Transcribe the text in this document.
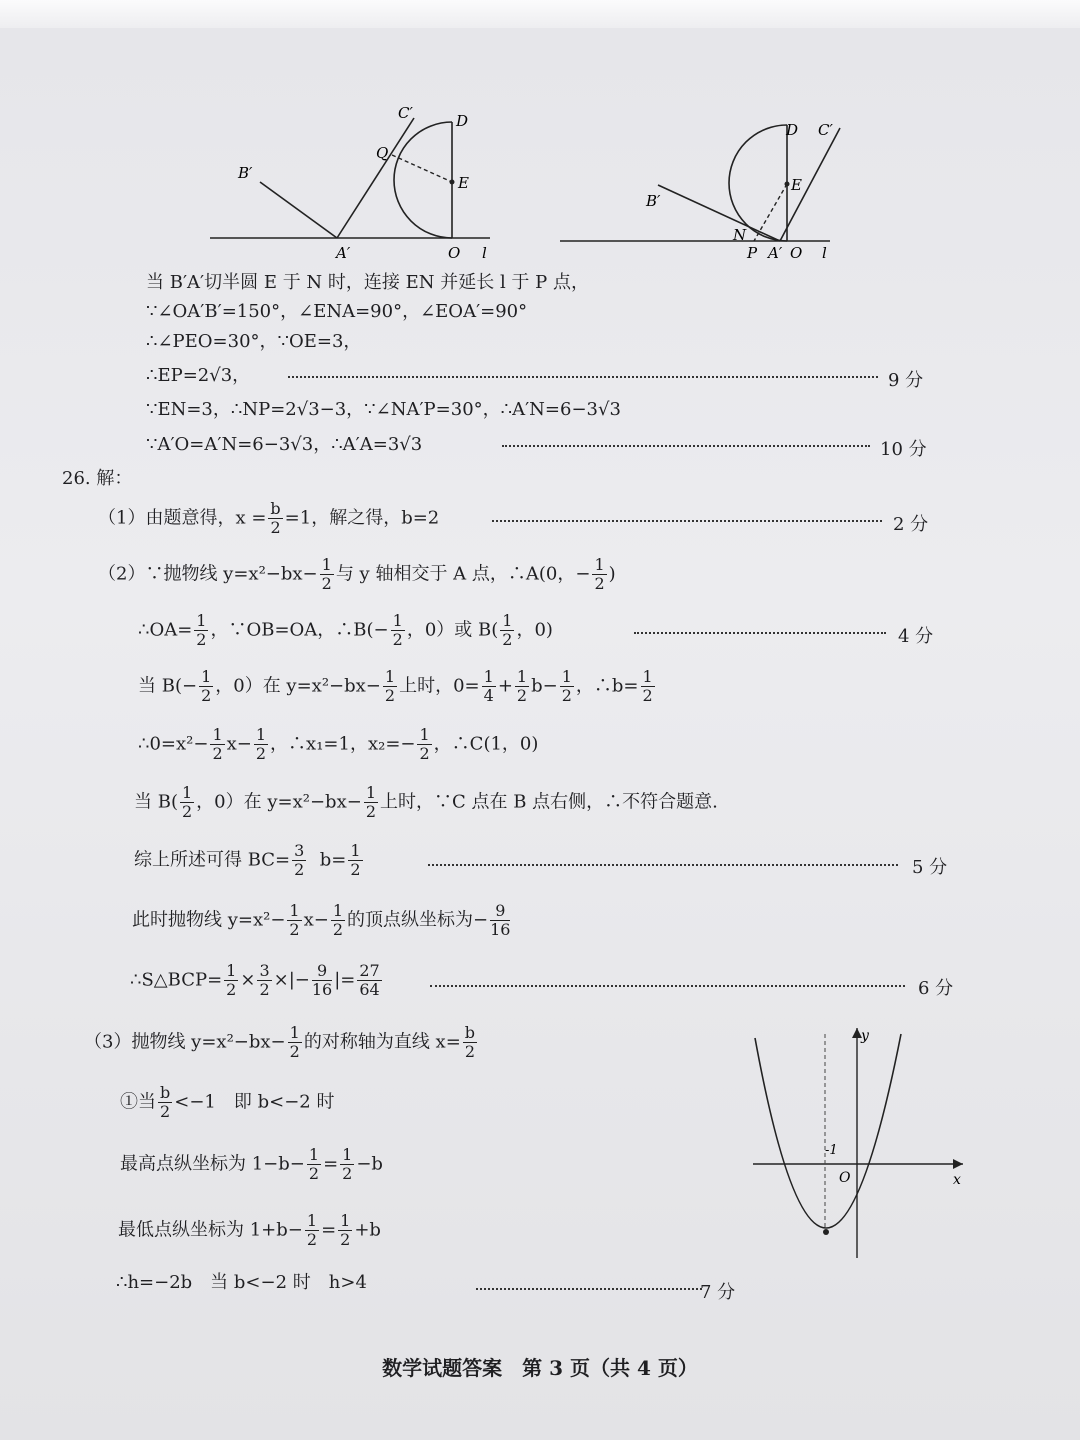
C′	D
Q
E
B′
A′	O l
D C′
E
B′
N
P A′ O l
当 B′A′切半圆 E 于 N 时，连接 EN 并延长 l 于 P 点，
∵∠OA′B′=150°，∠ENA=90°，∠EOA′=90°
∴∠PEO=30°，∵OE=3，
∴EP=2√3，	9 分
∵EN=3，∴NP=2√3−3，∵∠NA′P=30°，∴A′N=6−3√3
∵A′O=A′N=6−3√3，∴A′A=3√3	10 分
26. 解：
（1）由题意得，$x = \frac{b}{2} =1$，解之得，b=2	2 分
（2）∵抛物线 $y=x^2-bx- \frac{1}{2}$ 与 y 轴相交于 A 点，∴A(0，− $\frac{1}{2}$ )
∴OA= $\frac{1}{2}$ ，∵OB=OA，∴B(− $\frac{1}{2}$ ，0）或 $B( \frac{1}{2}$ ，0)	4 分
当 $B(- \frac{1}{2}$ ，0）在 $y=x^2-bx- \frac{1}{2}$ 上时，$0= \frac{1}{4} + \frac{1}{2} b- \frac{1}{2}$ ，∴b= $\frac{1}{2}$
∴0=x²− $\frac{1}{2} x- \frac{1}{2}$ ，∴x₁=1，$x_2=- \frac{1}{2}$ ，∴C(1，0)
当 $B( \frac{1}{2}$ ，0）在 $y=x^2-bx- \frac{1}{2}$ 上时，∵C 点在 B 点右侧，∴不符合题意.
综上所述可得 $BC= \frac{3}{2} b= \frac{1}{2}$	5 分
此时抛物线 $y=x^2- \frac{1}{2} x- \frac{1}{2}$ 的顶点纵坐标为− $\frac{9}{16}$
∴S△BCP= $\frac{1}{2} \times \frac{3}{2}$ ×|− $\frac{9}{16}$ |= $\frac{27}{64}$	6 分
（3）抛物线 $y=x^2-bx- \frac{1}{2}$ 的对称轴为直线 $x= \frac{b}{2}$
①当 $\frac{b}{2} <-1$　即 b<−2 时
最高点纵坐标为 $1-b- \frac{1}{2} = \frac{1}{2} -b$
最低点纵坐标为 $1+b- \frac{1}{2} = \frac{1}{2} +b$
∴h=−2b　当 b<−2 时　h>4	7 分
y
x
O
-1
数学试题答案　第 3 页（共 4 页）
